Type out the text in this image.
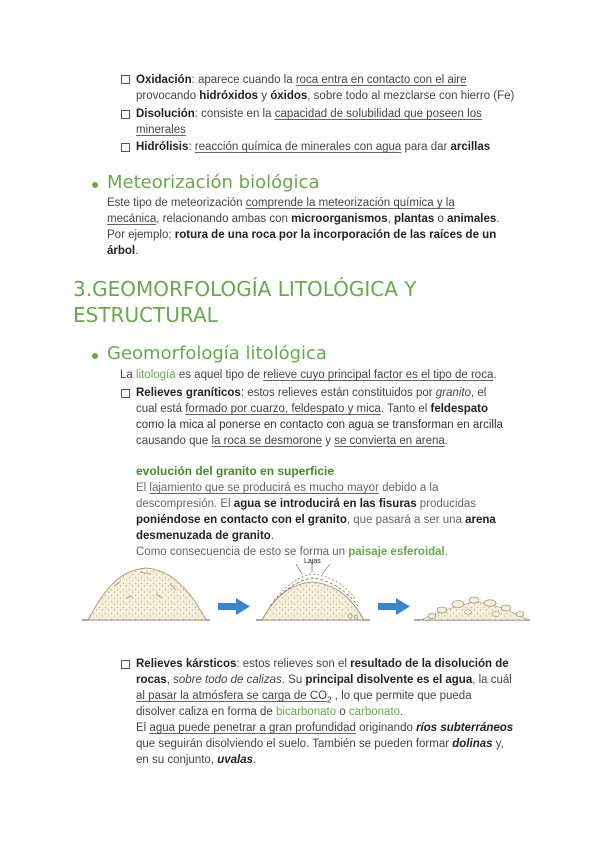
Oxidación: aparece cuando la roca entra en contacto con el aire
provocando hidróxidos y óxidos, sobre todo al mezclarse con hierro (Fe)
Disolución: consiste en la capacidad de solubilidad que poseen los
minerales
Hidrólisis: reacción química de minerales con agua para dar arcillas
Meteorización biológica
Este tipo de meteorización comprende la meteorización química y la
mecánica, relacionando ambas con microorganismos, plantas o animales.
Por ejemplo; rotura de una roca por la incorporación de las raíces de un
árbol.
3.GEOMORFOLOGÍA LITOLÓGICA Y
ESTRUCTURAL
Geomorfología litológica
La litología es aquel tipo de relieve cuyo principal factor es el tipo de roca.
Relieves graníticos: estos relieves están constituidos por granito, el
cual está formado por cuarzo, feldespato y mica. Tanto el feldespato
como la mica al ponerse en contacto con agua se transforman en arcilla
causando que la roca se desmorone y se convierta en arena.
evolución del granito en superficie
El lajamiento que se producirá es mucho mayor debido a la
descompresión. El agua se introducirá en las fisuras producidas
poniéndose en contacto con el granito, que pasará a ser una arena
desmenuzada de granito.
Como consecuencia de esto se forma un paisaje esferoidal.
Lajas
Relieves kársticos: estos relieves son el resultado de la disolución de
rocas, sobre todo de calizas. Su principal disolvente es el agua, la cuál
al pasar la atmósfera se carga de $CO_2$ , lo que permite que pueda
disolver caliza en forma de bicarbonato o carbonato.
El agua puede penetrar a gran profundidad originando ríos subterráneos
que seguirán disolviendo el suelo. También se pueden formar dolinas y,
en su conjunto, uvalas.
